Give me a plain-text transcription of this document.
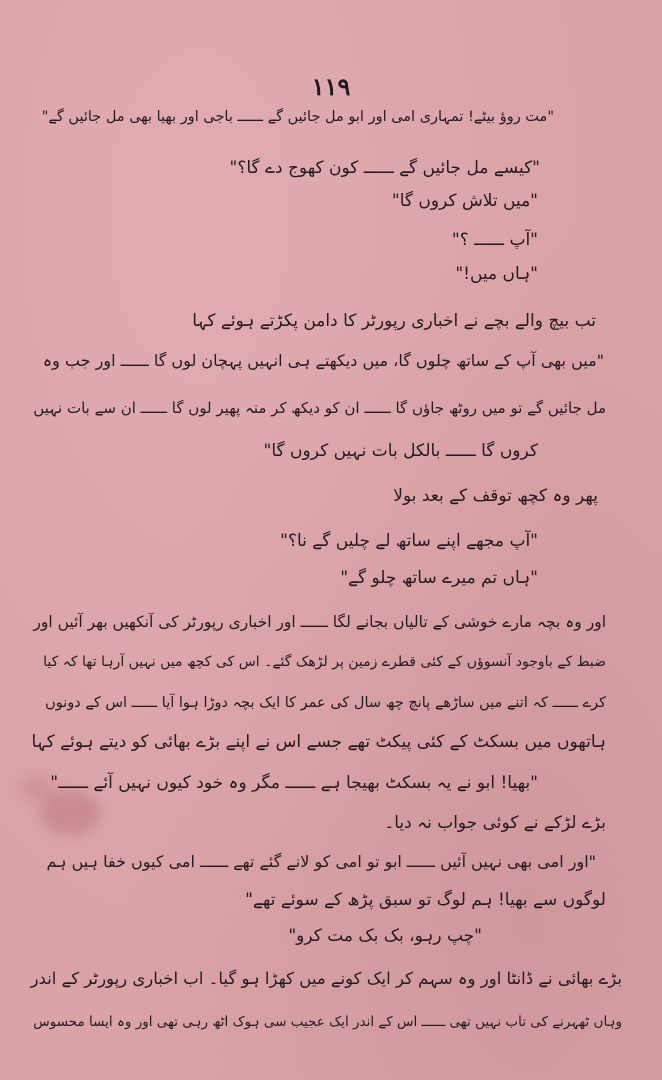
۱۱۹
"مت روؤ بیٹے! تمہاری امی اور ابو مل جائیں گے ــــــ باجی اور بھیا بھی مل جائیں گے"
"کیسے مل جائیں گے ــــــ کون کھوج دے گا؟"
"میں تلاش کروں گا"
"آپ ــــــ ؟"
"ہاں میں!"
تب بیچ والے بچے نے اخباری رپورٹر کا دامن پکڑتے ہوئے کہا
"میں بھی آپ کے ساتھ چلوں گا، میں دیکھتے ہی انہیں پہچان لوں گا ــــــ اور جب وہ
مل جائیں گے تو میں روٹھ جاؤں گا ــــــ ان کو دیکھ کر منہ پھیر لوں گا ــــــ ان سے بات نہیں
کروں گا ــــــ بالکل بات نہیں کروں گا"
پھر وہ کچھ توقف کے بعد بولا
"آپ مجھے اپنے ساتھ لے چلیں گے نا؟"
"ہاں تم میرے ساتھ چلو گے"
اور وہ بچہ مارے خوشی کے تالیاں بجانے لگا ــــــ اور اخباری رپورٹر کی آنکھیں بھر آئیں اور
ضبط کے باوجود آنسوؤں کے کئی قطرے زمین پر لڑھک گئے۔ اس کی کچھ میں نہیں آرہا تھا کہ کیا
کرے ــــــ کہ اتنے میں ساڑھے پانچ چھ سال کی عمر کا ایک بچہ دوڑا ہوا آیا ــــــ اس کے دونوں
ہاتھوں میں بسکٹ کے کئی پیکٹ تھے جسے اس نے اپنے بڑے بھائی کو دیتے ہوئے کہا
"بھیا! ابو نے یہ بسکٹ بھیجا ہے ــــــ مگر وہ خود کیوں نہیں آئے ــــــ"
بڑے لڑکے نے کوئی جواب نہ دیا۔
"اور امی بھی نہیں آئیں ــــــ ابو تو امی کو لانے گئے تھے ــــــ امی کیوں خفا ہیں ہم
لوگوں سے بھیا! ہم لوگ تو سبق پڑھ کے سوئے تھے"
"چپ رہو، بک بک مت کرو"
بڑے بھائی نے ڈانٹا اور وہ سہم کر ایک کونے میں کھڑا ہو گیا۔ اب اخباری رپورٹر کے اندر
وہاں ٹھہرنے کی تاب نہیں تھی ــــــ اس کے اندر ایک عجیب سی ہوک اٹھ رہی تھی اور وہ ایسا محسوس
